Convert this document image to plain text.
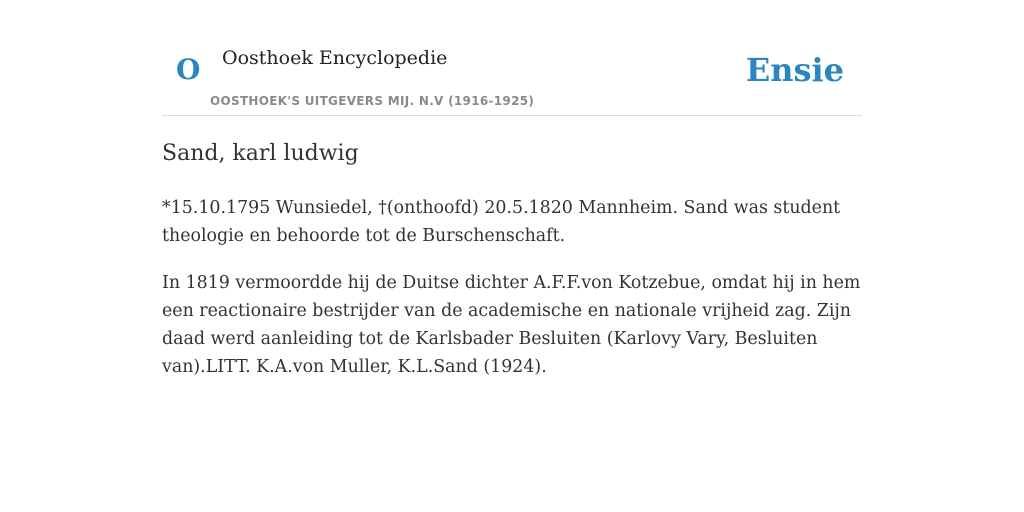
O Oosthoek Encyclopedie
OOSTHOEK'S UITGEVERS MIJ. N.V (1916-1925)
Ensie
Sand, karl ludwig

*15.10.1795 Wunsiedel, †(onthoofd) 20.5.1820 Mannheim. Sand was student theologie en behoorde tot de Burschenschaft.

In 1819 vermoordde hij de Duitse dichter A.F.F.von Kotzebue, omdat hij in hem een reactionaire bestrijder van de academische en nationale vrijheid zag. Zijn daad werd aanleiding tot de Karlsbader Besluiten (Karlovy Vary, Besluiten van).LITT. K.A.von Muller, K.L.Sand (1924).
